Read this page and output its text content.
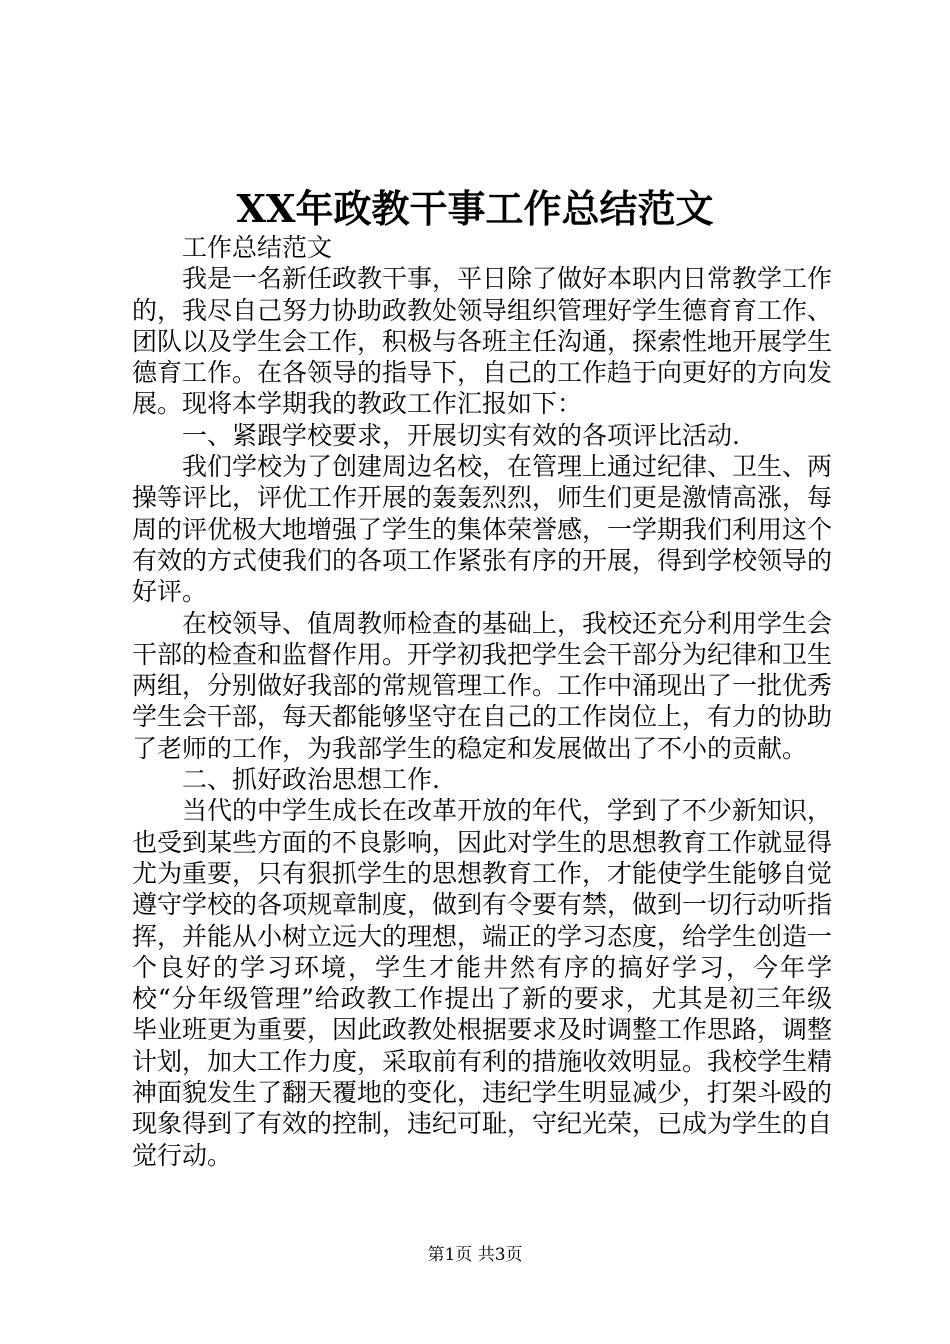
XX年政教干事工作总结范文

工作总结范文

我是一名新任政教干事，平日除了做好本职内日常教学工作的，我尽自己努力协助政教处领导组织管理好学生德育育工作、团队以及学生会工作，积极与各班主任沟通，探索性地开展学生德育工作。在各领导的指导下，自己的工作趋于向更好的方向发展。现将本学期我的教政工作汇报如下：

一、紧跟学校要求，开展切实有效的各项评比活动.

我们学校为了创建周边名校，在管理上通过纪律、卫生、两操等评比，评优工作开展的轰轰烈烈，师生们更是激情高涨，每周的评优极大地增强了学生的集体荣誉感，一学期我们利用这个有效的方式使我们的各项工作紧张有序的开展，得到学校领导的好评。

在校领导、值周教师检查的基础上，我校还充分利用学生会干部的检查和监督作用。开学初我把学生会干部分为纪律和卫生两组，分别做好我部的常规管理工作。工作中涌现出了一批优秀学生会干部，每天都能够坚守在自己的工作岗位上，有力的协助了老师的工作，为我部学生的稳定和发展做出了不小的贡献。

二、抓好政治思想工作.

当代的中学生成长在改革开放的年代，学到了不少新知识，也受到某些方面的不良影响，因此对学生的思想教育工作就显得尤为重要，只有狠抓学生的思想教育工作，才能使学生能够自觉遵守学校的各项规章制度，做到有令要有禁，做到一切行动听指挥，并能从小树立远大的理想，端正的学习态度，给学生创造一个良好的学习环境，学生才能井然有序的搞好学习，今年学校“分年级管理”给政教工作提出了新的要求，尤其是初三年级毕业班更为重要，因此政教处根据要求及时调整工作思路，调整计划，加大工作力度，采取前有利的措施收效明显。我校学生精神面貌发生了翻天覆地的变化，违纪学生明显减少，打架斗殴的现象得到了有效的控制，违纪可耻，守纪光荣，已成为学生的自觉行动。

第1页 共3页
